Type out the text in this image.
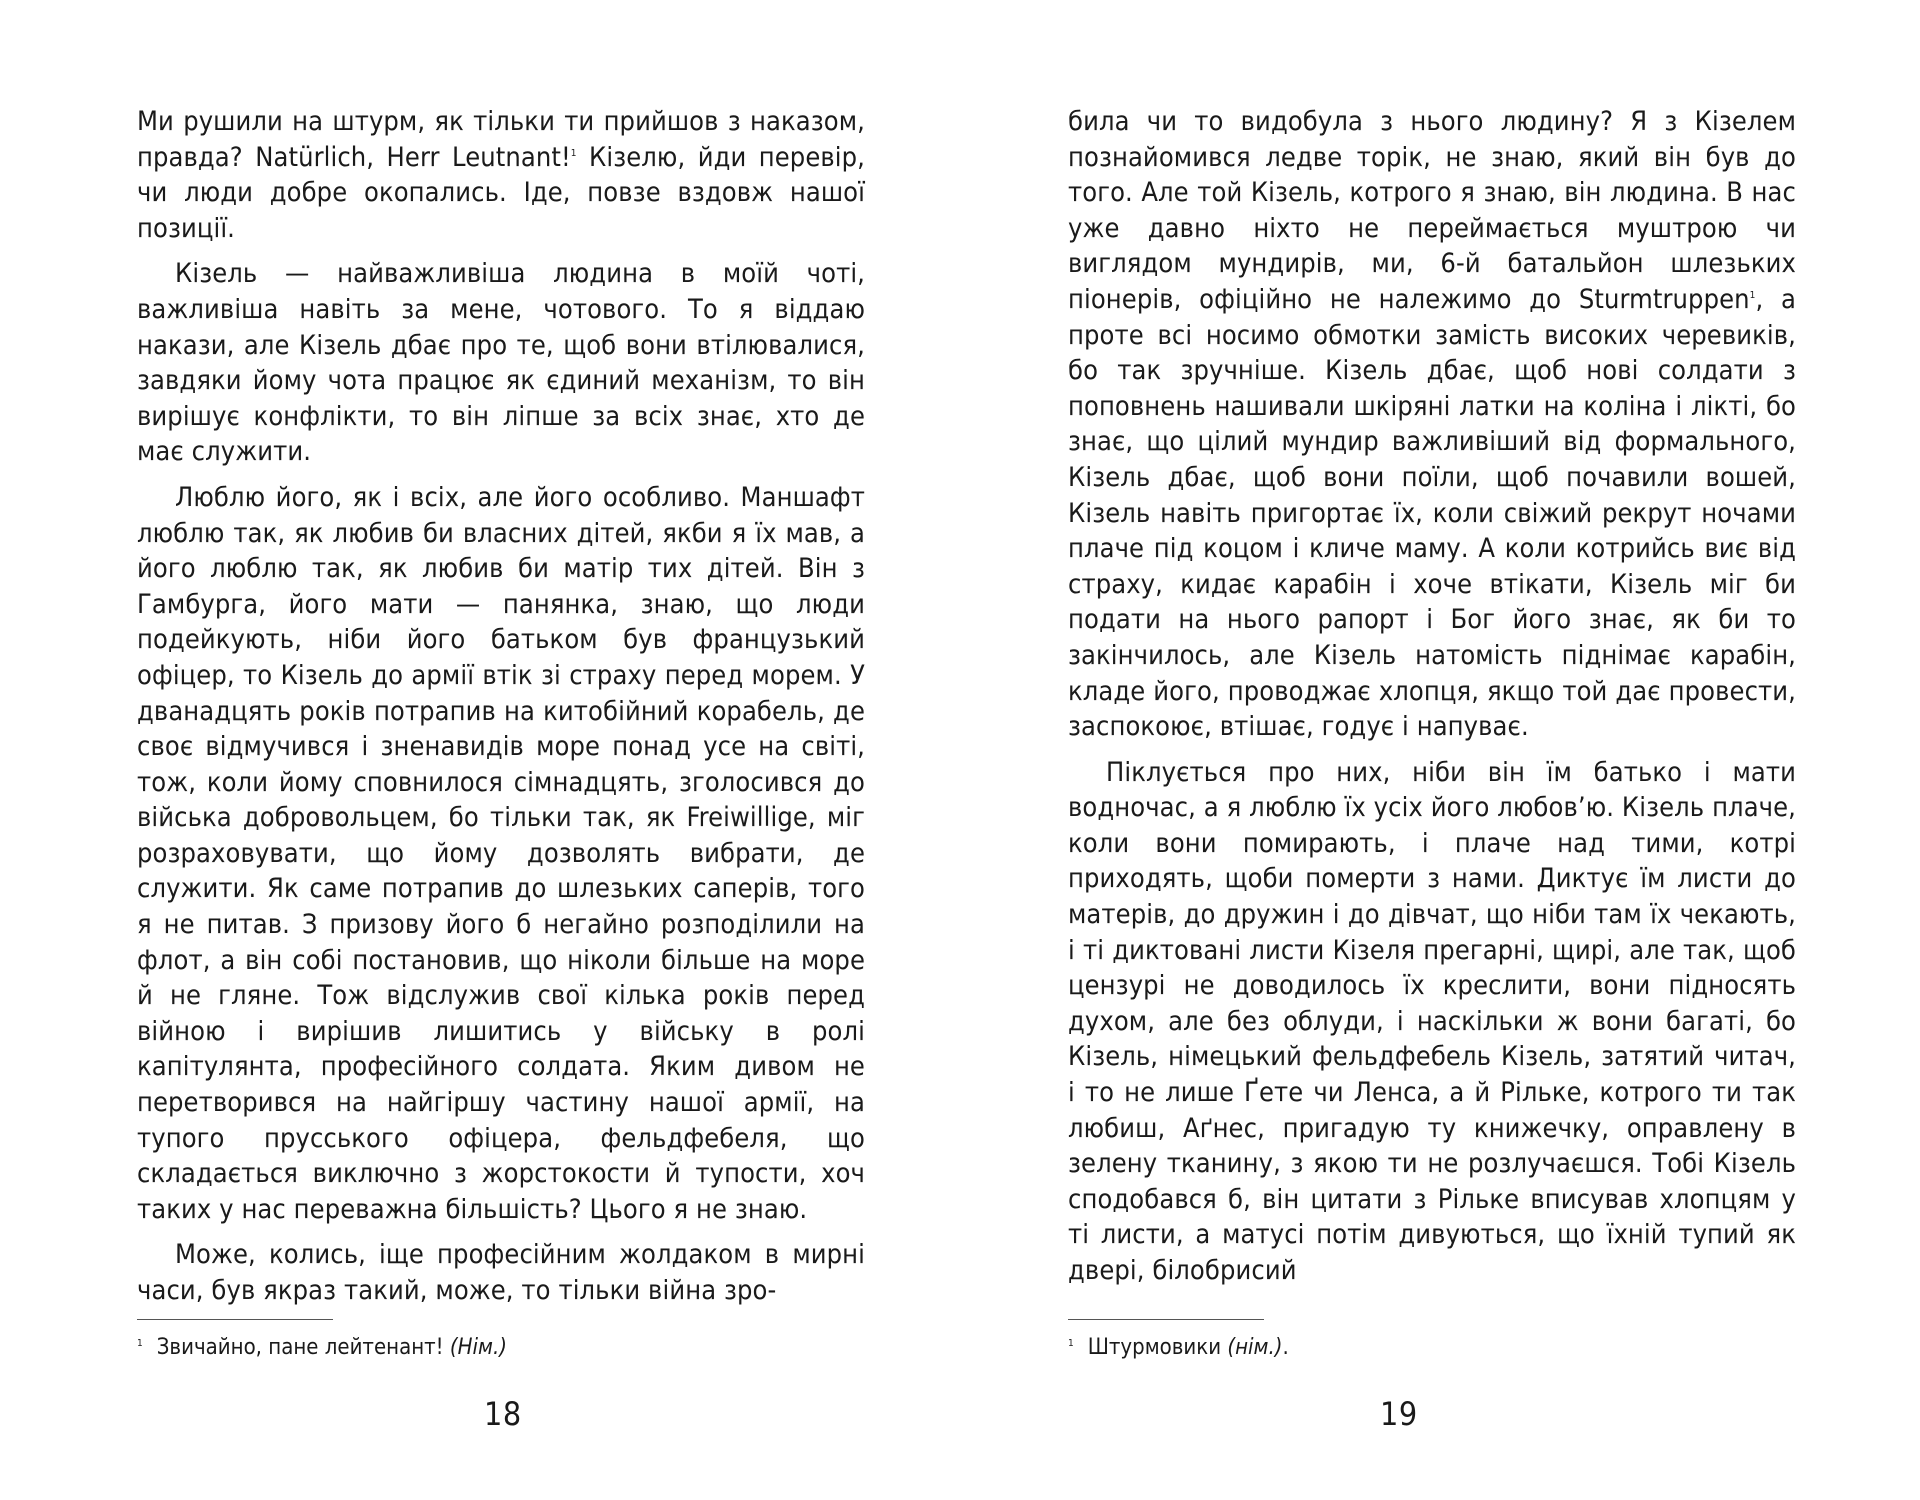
Ми рушили на штурм, як тільки ти прийшов з наказом, правда? Natürlich, Herr Leutnant!$^1$ Кізелю, йди перевір, чи люди добре окопались. Іде, повзе вздовж нашої позиції.

Кізель — найважливіша людина в моїй чоті, важливіша навіть за мене, чотового. То я віддаю накази, але Кізель дбає про те, щоб вони втілювалися, завдяки йому чота працює як єдиний механізм, то він вирішує конфлікти, то він ліпше за всіх знає, хто де має служити.

Люблю його, як і всіх, але його особливо. Маншафт люблю так, як любив би власних дітей, якби я їх мав, а його люблю так, як любив би матір тих дітей. Він з Гамбурга, його мати — панянка, знаю, що люди подейкують, ніби його батьком був французький офіцер, то Кізель до армії втік зі страху перед морем. У дванадцять років потрапив на китобійний корабель, де своє відмучився і зненавидів море понад усе на світі, тож, коли йому сповнилося сімнадцять, зголосився до війська добровольцем, бо тільки так, як Freiwillige, міг розраховувати, що йому дозволять вибрати, де служити. Як саме потрапив до шлезьких саперів, того я не питав. З призову його б негайно розподілили на флот, а він собі постановив, що ніколи більше на море й не гляне. Тож відслужив свої кілька років перед війною і вирішив лишитись у війську в ролі капітулянта, професійного солдата. Яким дивом не перетворився на найгіршу частину нашої армії, на тупого прусського офіцера, фельдфебеля, що складається виключно з жорстокости й тупости, хоч таких у нас переважна більшість? Цього я не знаю.

Може, колись, іще професійним жолдаком в мирні часи, був якраз такий, може, то тільки війна зро-

$^1$ Звичайно, пане лейтенант! (Нім.)
18

била чи то видобула з нього людину? Я з Кізелем познайомився ледве торік, не знаю, який він був до того. Але той Кізель, котрого я знаю, він людина. В нас уже давно ніхто не переймається муштрою чи виглядом мундирів, ми, 6-й батальйон шлезьких піонерів, офіційно не належимо до Sturmtruppen$^1$, а проте всі носимо обмотки замість високих черевиків, бо так зручніше. Кізель дбає, щоб нові солдати з поповнень нашивали шкіряні латки на коліна і лікті, бо знає, що цілий мундир важливіший від формального, Кізель дбає, щоб вони поїли, щоб почавили вошей, Кізель навіть пригортає їх, коли свіжий рекрут ночами плаче під коцом і кличе маму. А коли котрийсь виє від страху, кидає карабін і хоче втікати, Кізель міг би подати на нього рапорт і Бог його знає, як би то закінчилось, але Кізель натомість піднімає карабін, кладе його, проводжає хлопця, якщо той дає провести, заспокоює, втішає, годує і напуває.

Піклується про них, ніби він їм батько і мати водночас, а я люблю їх усіх його любов’ю. Кізель плаче, коли вони помирають, і плаче над тими, котрі приходять, щоби померти з нами. Диктує їм листи до матерів, до дружин і до дівчат, що ніби там їх чекають, і ті диктовані листи Кізеля прегарні, щирі, але так, щоб цензурі не доводилось їх креслити, вони підносять духом, але без облуди, і наскільки ж вони багаті, бо Кізель, німецький фельдфебель Кізель, затятий читач, і то не лише Ґете чи Ленса, а й Рільке, котрого ти так любиш, Аґнес, пригадую ту книжечку, оправлену в зелену тканину, з якою ти не розлучаєшся. Тобі Кізель сподобався б, він цитати з Рільке вписував хлопцям у ті листи, а матусі потім дивуються, що їхній тупий як двері, білобрисий

$^1$ Штурмовики (нім.).
19
